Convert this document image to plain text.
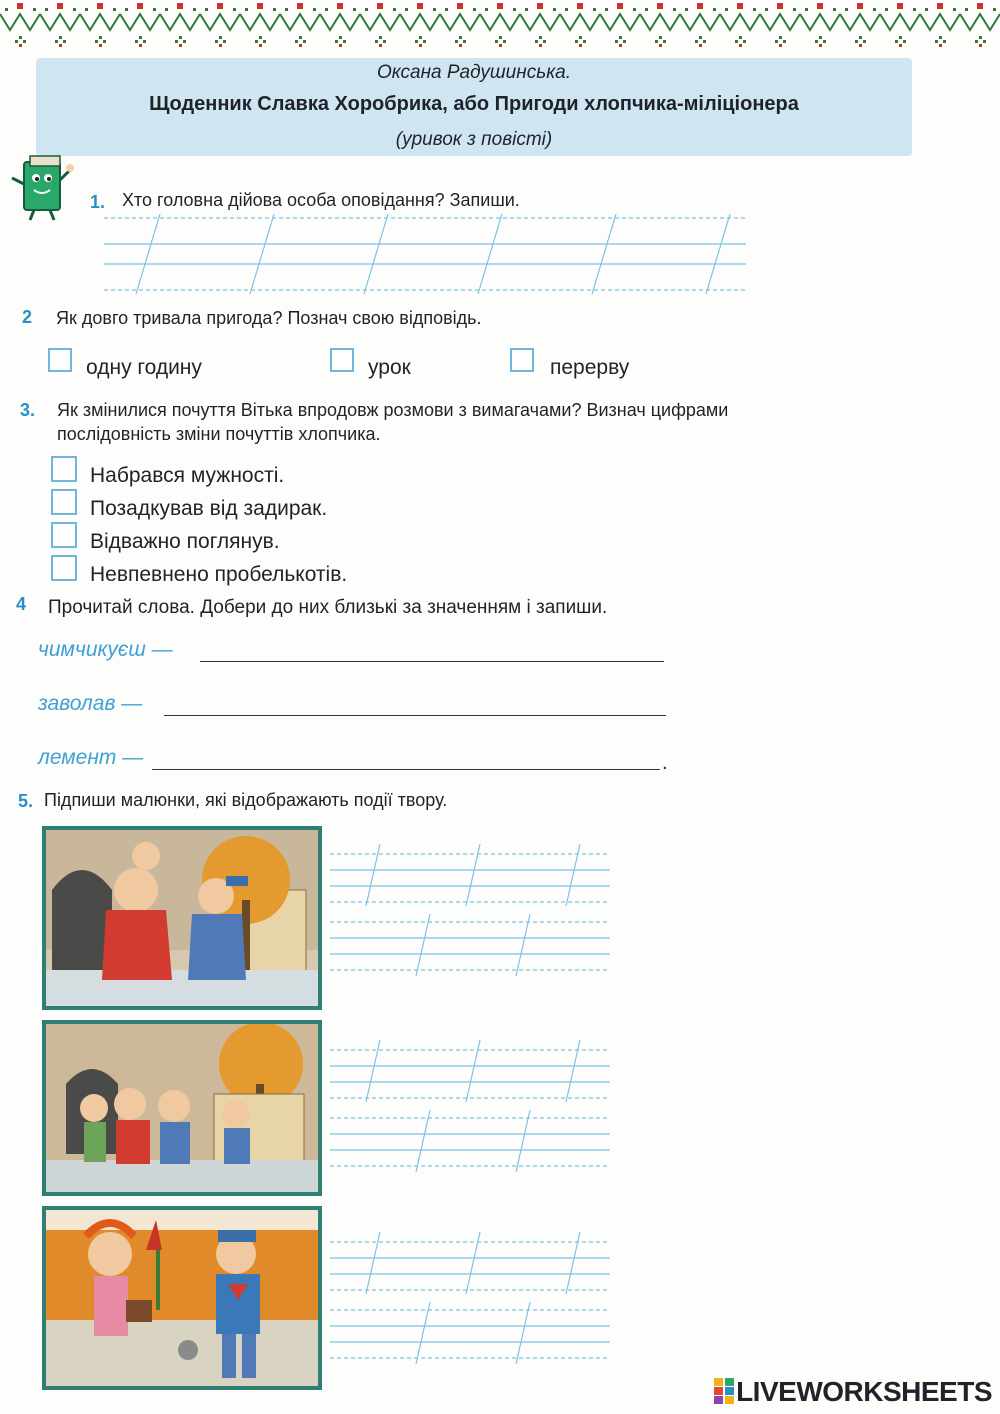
Оксана Радушинська.
Щоденник Славка Хоробрика, або Пригоди хлопчика-міліціонера
(уривок з повісті)
1. Хто головна дійова особа оповідання? Запиши.
2 Як довго тривала пригода? Познач свою відповідь.
одну годину	урок	перерву
3. Як змінилися почуття Вітька впродовж розмови з вимагачами? Визнач цифрами
послідовність зміни почуттів хлопчика.
Набрався мужності.
Позадкував від задирак.
Відважно поглянув.
Невпевнено пробелькотів.
4 Прочитай слова. Добери до них близькі за значенням і запиши.
чимчикуєш —
заволав —
лемент —	.
5. Підпиши малюнки, які відображають події твору.
LIVEWORKSHEETS
